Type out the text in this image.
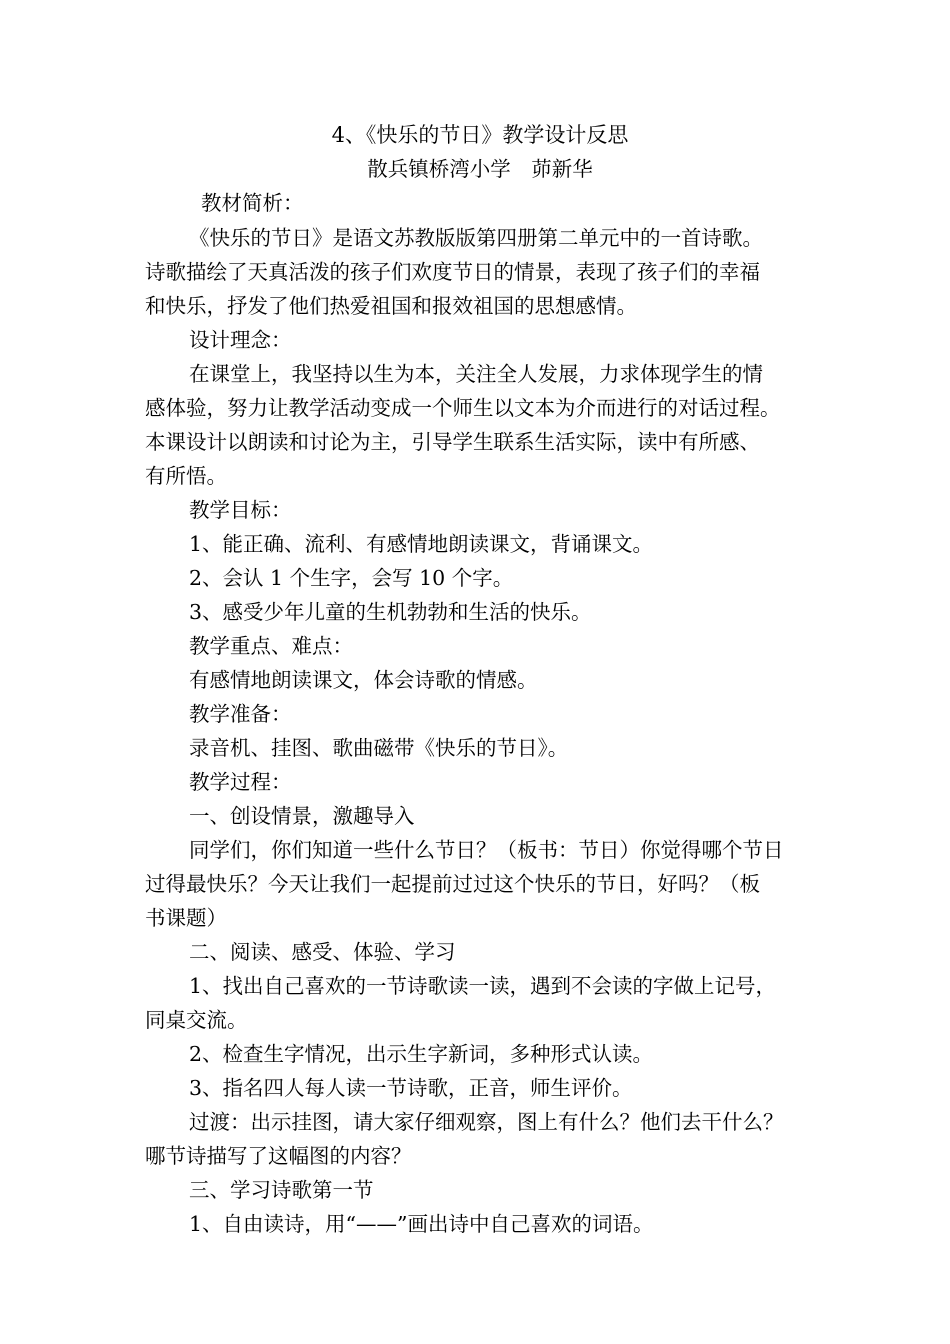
4、《快乐的节日》教学设计反思
散兵镇桥湾小学　茆新华
教材简析：
《快乐的节日》是语文苏教版版第四册第二单元中的一首诗歌。
诗歌描绘了天真活泼的孩子们欢度节日的情景，表现了孩子们的幸福
和快乐，抒发了他们热爱祖国和报效祖国的思想感情。
设计理念：
在课堂上，我坚持以生为本，关注全人发展，力求体现学生的情
感体验，努力让教学活动变成一个师生以文本为介而进行的对话过程。
本课设计以朗读和讨论为主，引导学生联系生活实际，读中有所感、
有所悟。
教学目标：
1、能正确、流利、有感情地朗读课文，背诵课文。
2、会认 1 个生字，会写 10 个字。
3、感受少年儿童的生机勃勃和生活的快乐。
教学重点、难点：
有感情地朗读课文，体会诗歌的情感。
教学准备：
录音机、挂图、歌曲磁带《快乐的节日》。
教学过程：
一、创设情景，激趣导入
同学们，你们知道一些什么节日？（板书：节日）你觉得哪个节日
过得最快乐？今天让我们一起提前过过这个快乐的节日，好吗？（板
书课题）
二、阅读、感受、体验、学习
1、找出自己喜欢的一节诗歌读一读，遇到不会读的字做上记号，
同桌交流。
2、检查生字情况，出示生字新词，多种形式认读。
3、指名四人每人读一节诗歌，正音，师生评价。
过渡：出示挂图，请大家仔细观察，图上有什么？他们去干什么？
哪节诗描写了这幅图的内容？
三、学习诗歌第一节
1、自由读诗，用“——”画出诗中自己喜欢的词语。
